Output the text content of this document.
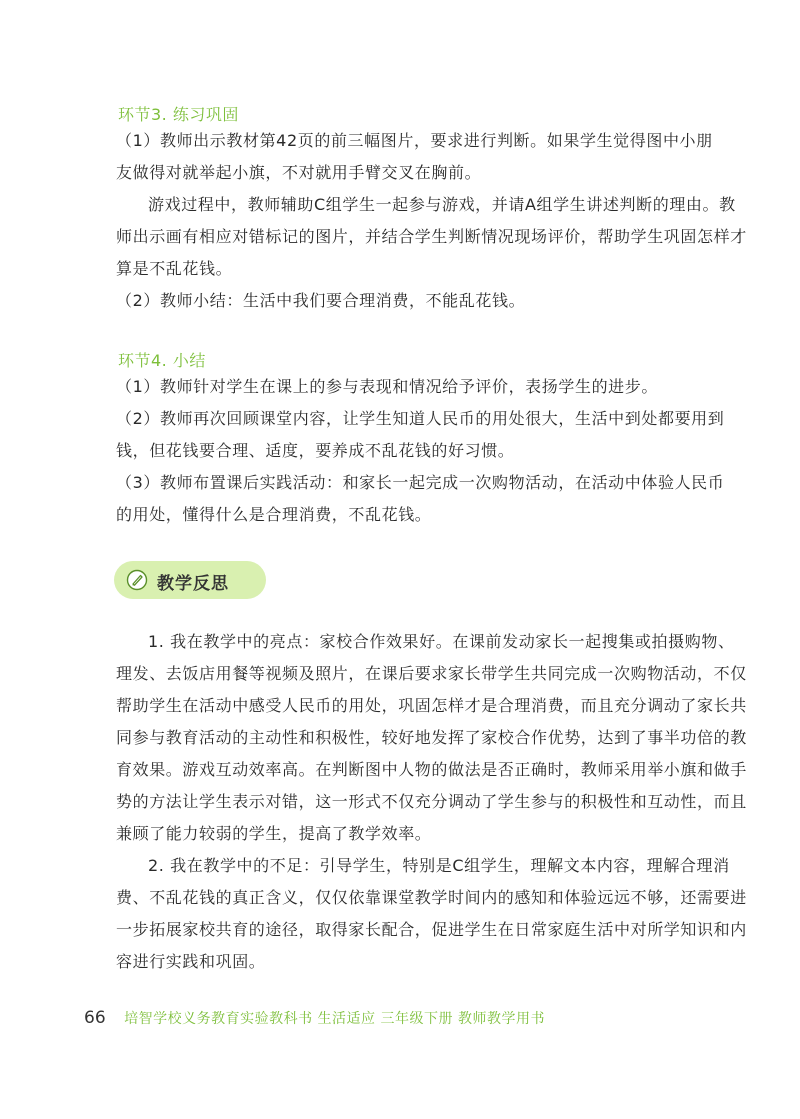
环节3. 练习巩固
（1）教师出示教材第42页的前三幅图片，要求进行判断。如果学生觉得图中小朋
友做得对就举起小旗，不对就用手臂交叉在胸前。
游戏过程中，教师辅助C组学生一起参与游戏，并请A组学生讲述判断的理由。教
师出示画有相应对错标记的图片，并结合学生判断情况现场评价，帮助学生巩固怎样才
算是不乱花钱。
（2）教师小结：生活中我们要合理消费，不能乱花钱。
环节4. 小结
（1）教师针对学生在课上的参与表现和情况给予评价，表扬学生的进步。
（2）教师再次回顾课堂内容，让学生知道人民币的用处很大，生活中到处都要用到
钱，但花钱要合理、适度，要养成不乱花钱的好习惯。
（3）教师布置课后实践活动：和家长一起完成一次购物活动，在活动中体验人民币
的用处，懂得什么是合理消费，不乱花钱。
教学反思
1. 我在教学中的亮点：家校合作效果好。在课前发动家长一起搜集或拍摄购物、
理发、去饭店用餐等视频及照片，在课后要求家长带学生共同完成一次购物活动，不仅
帮助学生在活动中感受人民币的用处，巩固怎样才是合理消费，而且充分调动了家长共
同参与教育活动的主动性和积极性，较好地发挥了家校合作优势，达到了事半功倍的教
育效果。游戏互动效率高。在判断图中人物的做法是否正确时，教师采用举小旗和做手
势的方法让学生表示对错，这一形式不仅充分调动了学生参与的积极性和互动性，而且
兼顾了能力较弱的学生，提高了教学效率。
2. 我在教学中的不足：引导学生，特别是C组学生，理解文本内容，理解合理消
费、不乱花钱的真正含义，仅仅依靠课堂教学时间内的感知和体验远远不够，还需要进
一步拓展家校共育的途径，取得家长配合，促进学生在日常家庭生活中对所学知识和内
容进行实践和巩固。
66 培智学校义务教育实验教科书 生活适应 三年级下册 教师教学用书
